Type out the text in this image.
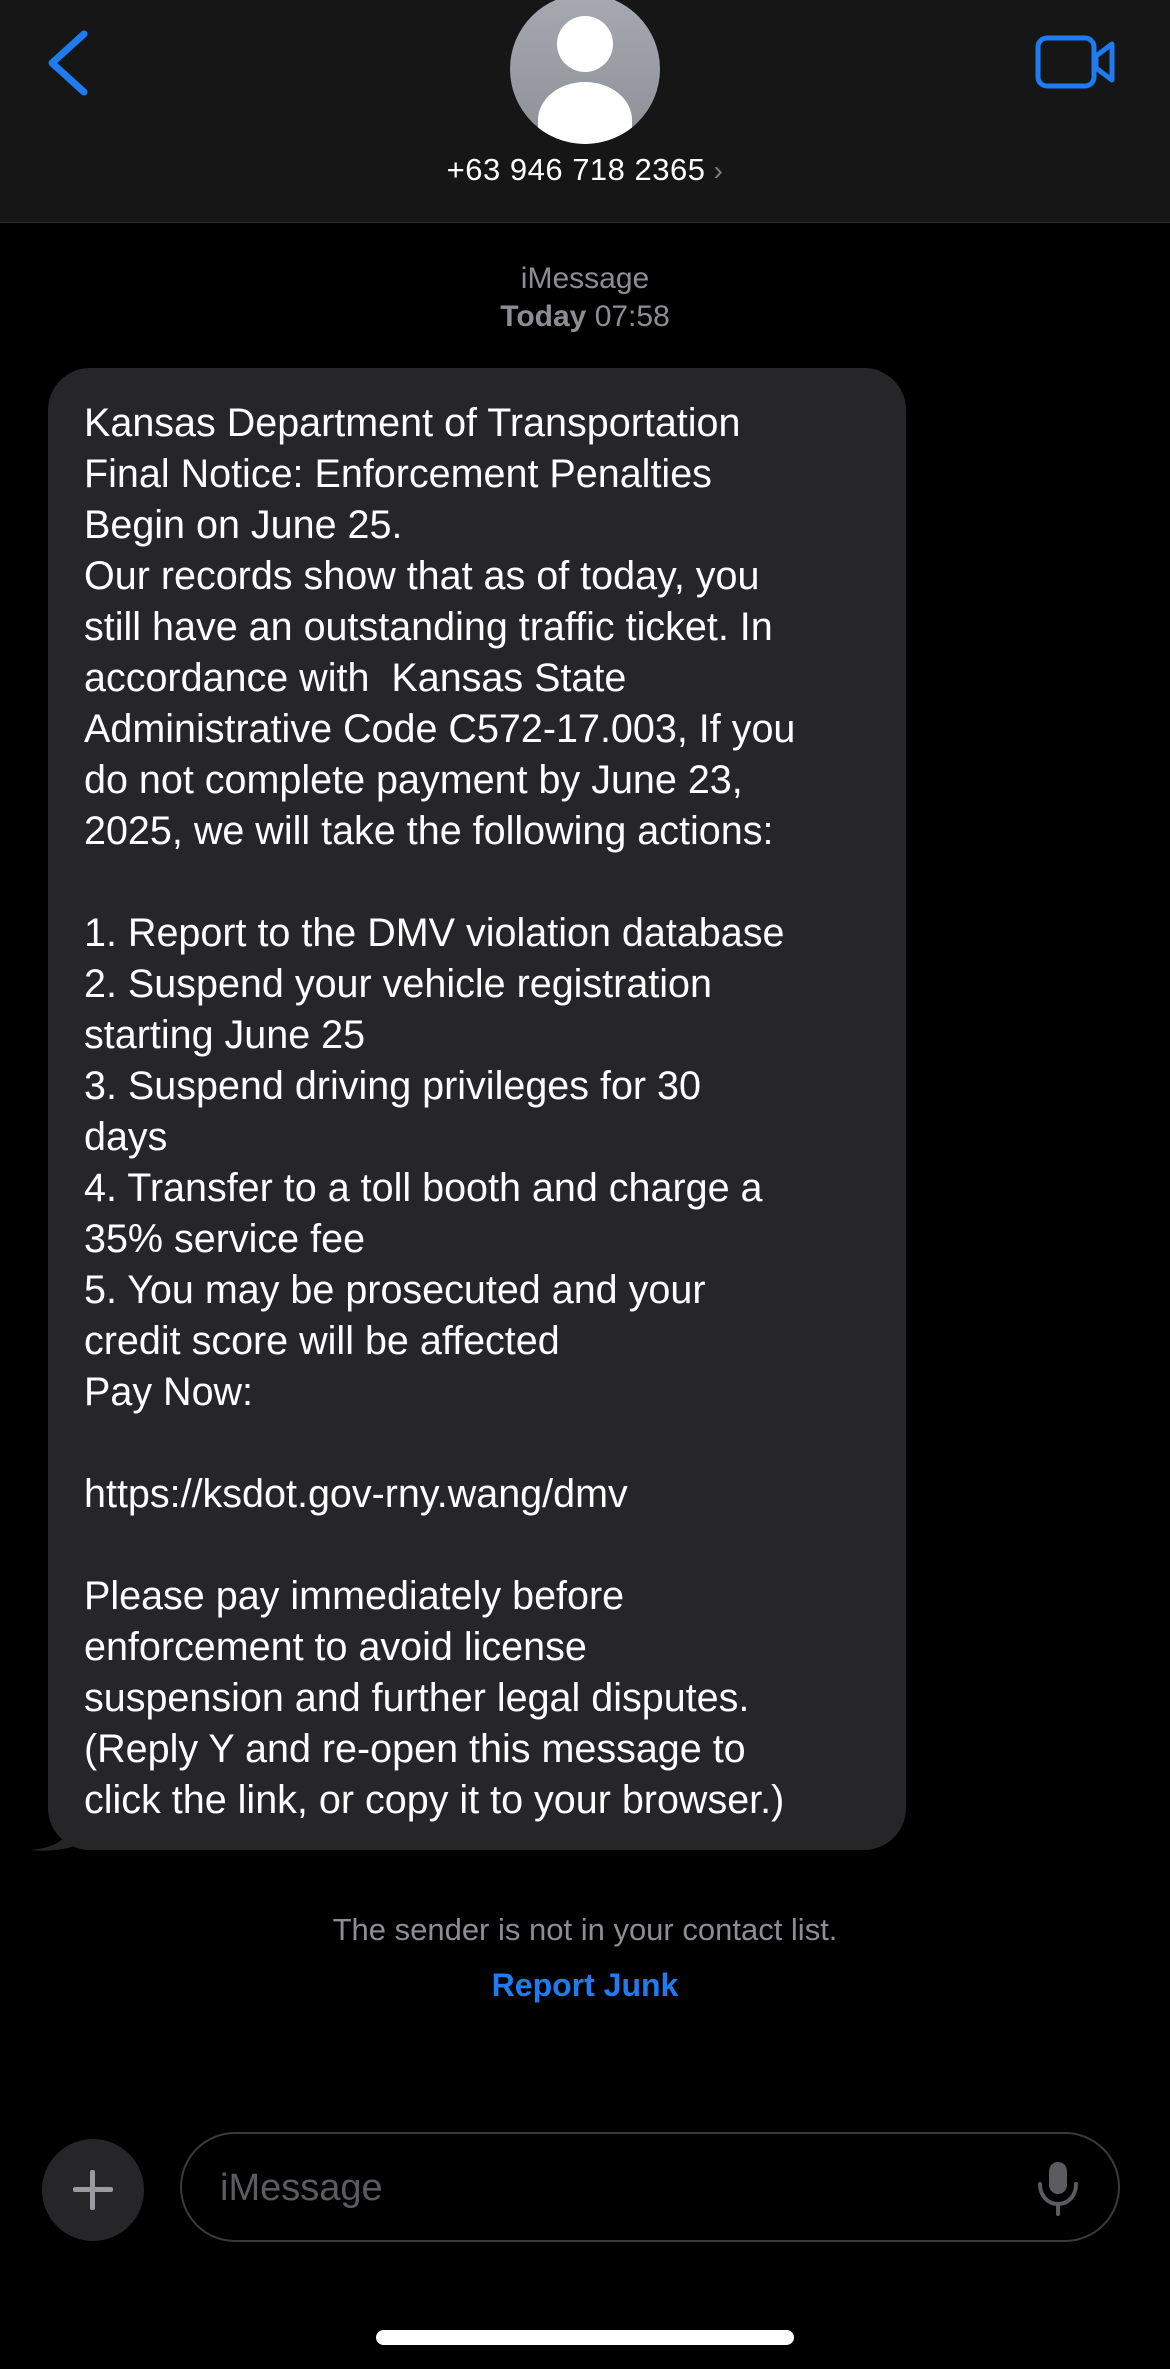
+63 946 718 2365 ›
iMessage
Today 07:58
Kansas Department of Transportation
Final Notice: Enforcement Penalties
Begin on June 25.
Our records show that as of today, you
still have an outstanding traffic ticket. In
accordance with  Kansas State
Administrative Code C572-17.003, If you
do not complete payment by June 23,
2025, we will take the following actions:

1. Report to the DMV violation database
2. Suspend your vehicle registration
starting June 25
3. Suspend driving privileges for 30
days
4. Transfer to a toll booth and charge a
35% service fee
5. You may be prosecuted and your
credit score will be affected
Pay Now:

https://ksdot.gov-rny.wang/dmv

Please pay immediately before
enforcement to avoid license
suspension and further legal disputes.
(Reply Y and re-open this message to
click the link, or copy it to your browser.)
The sender is not in your contact list.
Report Junk
iMessage
